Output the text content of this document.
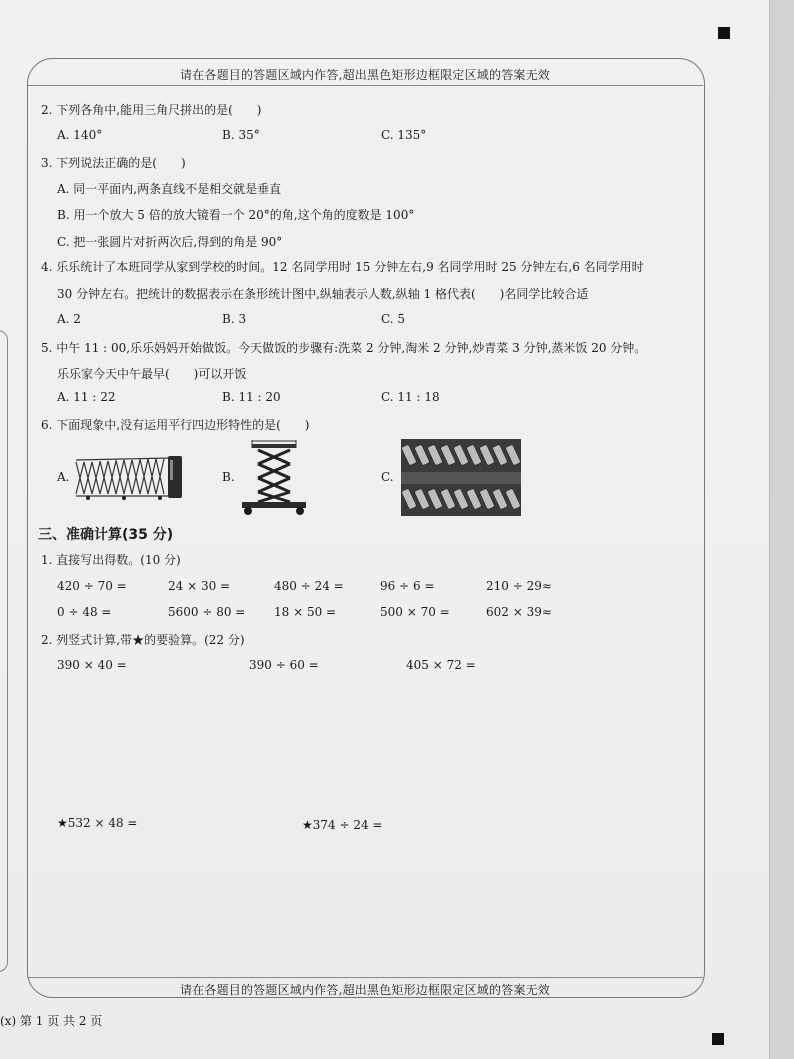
请在各题目的答题区域内作答,超出黑色矩形边框限定区域的答案无效
请在各题目的答题区域内作答,超出黑色矩形边框限定区域的答案无效
2. 下列各角中,能用三角尺拼出的是(　　)
A. 140°	B. 35°	C. 135°
3. 下列说法正确的是(　　)
A. 同一平面内,两条直线不是相交就是垂直
B. 用一个放大 5 倍的放大镜看一个 20°的角,这个角的度数是 100°
C. 把一张圆片对折两次后,得到的角是 90°
4. 乐乐统计了本班同学从家到学校的时间。12 名同学用时 15 分钟左右,9 名同学用时 25 分钟左右,6 名同学用时
30 分钟左右。把统计的数据表示在条形统计图中,纵轴表示人数,纵轴 1 格代表(　　)名同学比较合适
A. 2	B. 3	C. 5
5. 中午 11 : 00,乐乐妈妈开始做饭。今天做饭的步骤有:洗菜 2 分钟,淘米 2 分钟,炒青菜 3 分钟,蒸米饭 20 分钟。
乐乐家今天中午最早(　　)可以开饭
A. 11 : 22	B. 11 : 20	C. 11 : 18
6. 下面现象中,没有运用平行四边形特性的是(　　)
A.	B.	C.
三、准确计算(35 分)
1. 直接写出得数。(10 分)
420 ÷ 70 =	24 × 30 =	480 ÷ 24 =	96 ÷ 6 =	210 ÷ 29≈
0 ÷ 48 =	5600 ÷ 80 = 18 × 50 =	500 × 70 =	602 × 39≈
2. 列竖式计算,带★的要验算。(22 分)
390 × 40 =	390 ÷ 60 =	405 × 72 =
★532 × 48 =	★374 ÷ 24 =
(x) 第 1 页 共 2 页
